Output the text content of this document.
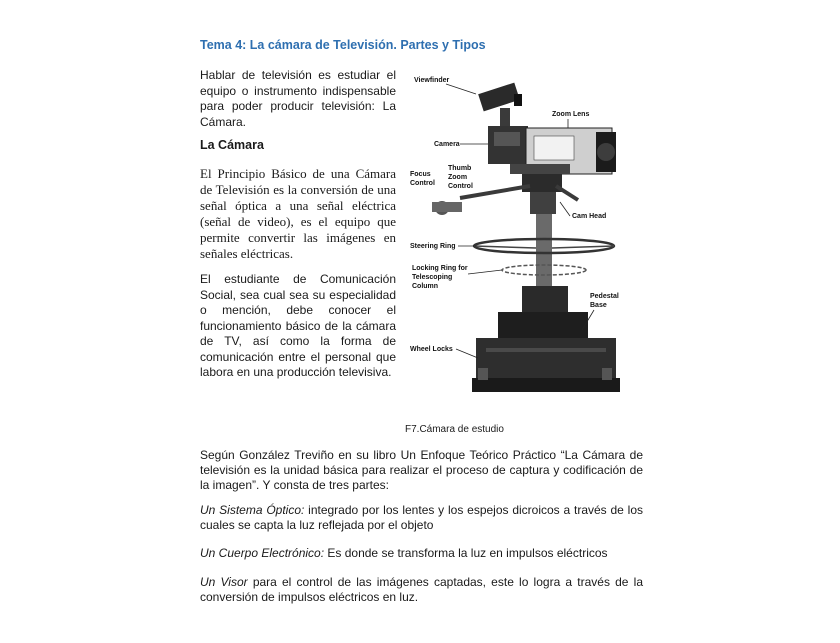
Tema 4: La cámara de Televisión. Partes y Tipos
Hablar de televisión es estudiar el equipo o instrumento indispensable para poder producir televisión: La Cámara.
La Cámara
El Principio Básico de una Cámara de Televisión es la conversión de una señal óptica a una señal eléctrica (señal de video), es el equipo que permite convertir las imágenes en señales eléctricas.
El estudiante de Comunicación Social, sea cual sea su especialidad o mención, debe conocer el funcionamiento básico de la cámara de TV, así como la forma de comunicación entre el personal que labora en una producción televisiva.
Viewfinder
Zoom Lens
Camera
Focus
Control
Thumb
Zoom
Control
Cam Head
Steering Ring
Locking Ring for
Telescoping
Column
Pedestal
Base
Wheel Locks
F7.Cámara de estudio
Según González Treviño en su libro Un Enfoque Teórico Práctico “La Cámara de televisión es la unidad básica para realizar el proceso de captura y codificación de la imagen”. Y consta de tres partes:
Un Sistema Óptico: integrado por los lentes y los espejos dicroicos a través de los cuales se capta la luz reflejada por el objeto
Un Cuerpo Electrónico: Es donde se transforma la luz en impulsos eléctricos
Un Visor para el control de las imágenes captadas, este lo logra a través de la conversión de impulsos eléctricos en luz.
